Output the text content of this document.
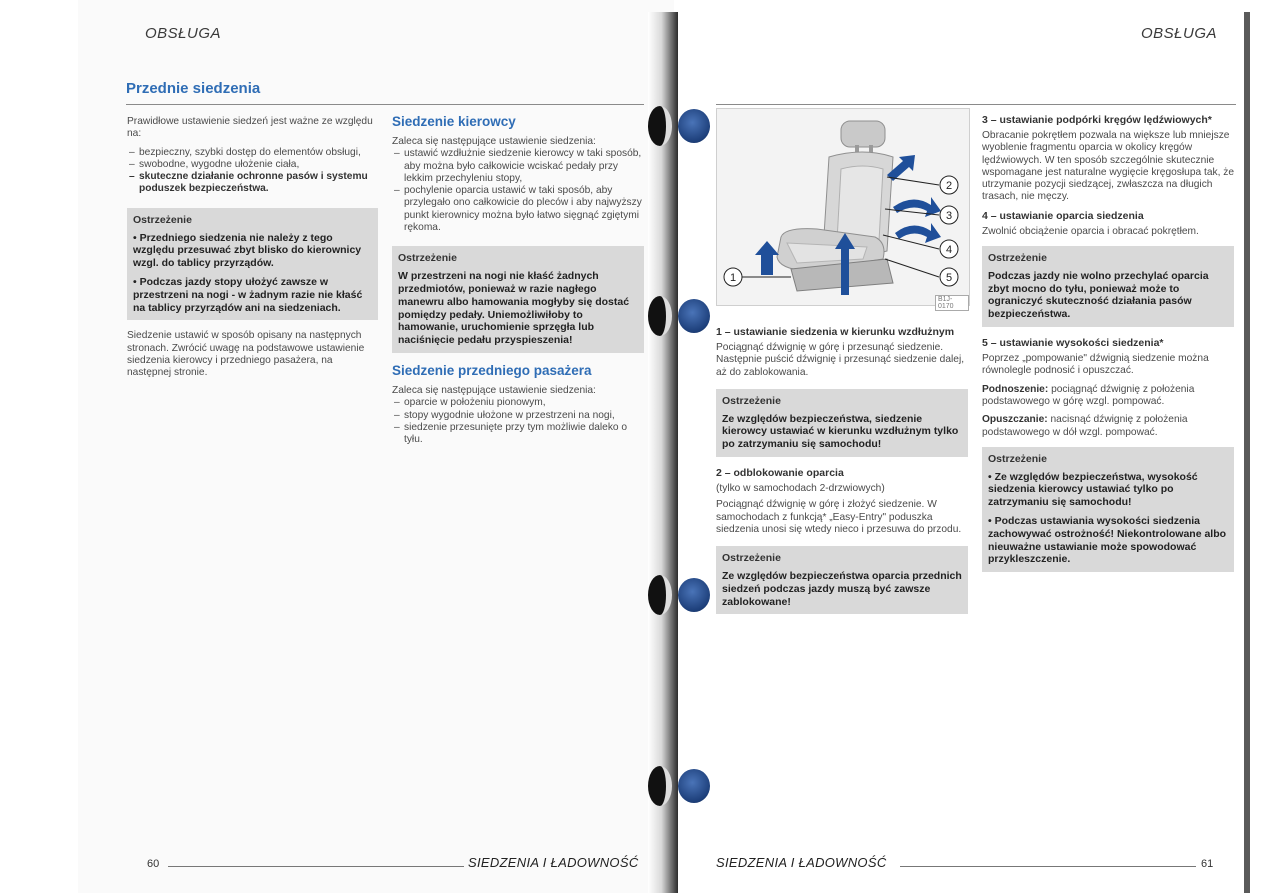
OBSŁUGA	OBSŁUGA
Przednie siedzenia

Prawidłowe ustawienie siedzeń jest ważne ze względu na:

– bezpieczny, szybki dostęp do elementów obsługi,
– swobodne, wygodne ułożenie ciała,
– skuteczne działanie ochronne pasów i systemu poduszek bezpieczeństwa.
Ostrzeżenie
• Przedniego siedzenia nie należy z tego względu przesuwać zbyt blisko do kierownicy wzgl. do tablicy przyrządów.
• Podczas jazdy stopy ułożyć zawsze w przestrzeni na nogi - w żadnym razie nie kłaść na tablicy przyrządów ani na siedzeniach.

Siedzenie ustawić w sposób opisany na następnych stronach. Zwrócić uwagę na podstawowe ustawienie siedzenia kierowcy i przedniego pasażera, na następnej stronie.

Siedzenie kierowcy

Zaleca się następujące ustawienie siedzenia:

– ustawić wzdłużnie siedzenie kierowcy w taki sposób, aby można było całkowicie wciskać pedały przy lekkim przechyleniu stopy,
– pochylenie oparcia ustawić w taki sposób, aby przylegało ono całkowicie do pleców i aby najwyższy punkt kierownicy można było łatwo sięgnąć zgiętymi rękoma.
Ostrzeżenie
W przestrzeni na nogi nie kłaść żadnych przedmiotów, ponieważ w razie nagłego manewru albo hamowania mogłyby się dostać pomiędzy pedały. Uniemożliwiłoby to hamowanie, uruchomienie sprzęgła lub naciśnięcie pedału przyspieszenia!
Siedzenie przedniego pasażera

Zaleca się następujące ustawienie siedzenia:

– oparcie w położeniu pionowym,
– stopy wygodnie ułożone w przestrzeni na nogi,
– siedzenie przesunięte przy tym możliwie daleko o tyłu.
60	SIEDZENIA I ŁADOWNOŚĆ
1
2
3
4
5
B1J-0170
1 – ustawianie siedzenia w kierunku wzdłużnym

Pociągnąć dźwignię w górę i przesunąć siedzenie. Następnie puścić dźwignię i przesunąć siedzenie dalej, aż do zablokowania.

Ostrzeżenie
Ze względów bezpieczeństwa, siedzenie kierowcy ustawiać w kierunku wzdłużnym tylko po zatrzymaniu się samochodu!
2 – odblokowanie oparcia

(tylko w samochodach 2-drzwiowych)

Pociągnąć dźwignię w górę i złożyć siedzenie. W samochodach z funkcją* „Easy-Entry" poduszka siedzenia unosi się wtedy nieco i przesuwa do przodu.

Ostrzeżenie
Ze względów bezpieczeństwa oparcia przednich siedzeń podczas jazdy muszą być zawsze zablokowane!
3 – ustawianie podpórki kręgów lędźwiowych*

Obracanie pokrętłem pozwala na większe lub mniejsze wyoblenie fragmentu oparcia w okolicy kręgów lędźwiowych. W ten sposób szczególnie skutecznie wspomagane jest naturalne wygięcie kręgosłupa tak, że utrzymanie pozycji siedzącej, zwłaszcza na długich trasach, nie męczy.

4 – ustawianie oparcia siedzenia

Zwolnić obciążenie oparcia i obracać pokrętłem.

Ostrzeżenie
Podczas jazdy nie wolno przechylać oparcia zbyt mocno do tyłu, ponieważ może to ograniczyć skuteczność działania pasów bezpieczeństwa.
5 – ustawianie wysokości siedzenia*

Poprzez „pompowanie" dźwignią siedzenie można równolegle podnosić i opuszczać.

Podnoszenie: pociągnąć dźwignię z położenia podstawowego w górę wzgl. pompować.

Opuszczanie: nacisnąć dźwignię z położenia podstawowego w dół wzgl. pompować.

Ostrzeżenie
• Ze względów bezpieczeństwa, wysokość siedzenia kierowcy ustawiać tylko po zatrzymaniu się samochodu!
• Podczas ustawiania wysokości siedzenia zachowywać ostrożność! Niekontrolowane albo nieuważne ustawianie może spowodować przykleszczenie.
SIEDZENIA I ŁADOWNOŚĆ	61
